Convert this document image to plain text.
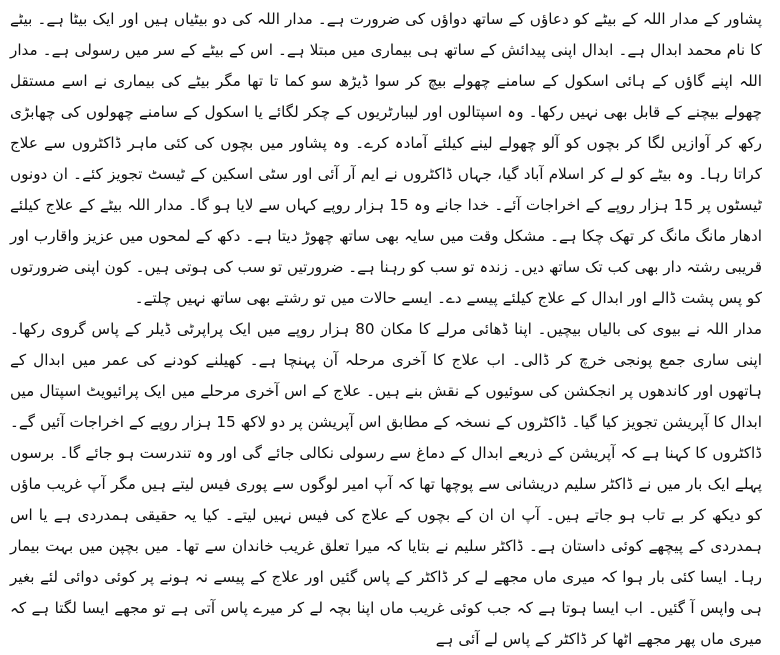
پشاور کے مدار اللہ کے بیٹے کو دعاؤں کے ساتھ دواؤں کی ضرورت ہے۔ مدار اللہ کی دو بیٹیاں ہیں اور ایک بیٹا ہے۔ بیٹے کا نام محمد ابدال ہے۔ ابدال اپنی پیدائش کے ساتھ ہی بیماری میں مبتلا ہے۔ اس کے بیٹے کے سر میں رسولی ہے۔ مدار اللہ اپنے گاؤں کے ہائی اسکول کے سامنے چھولے بیچ کر سوا ڈیڑھ سو کما تا تھا مگر بیٹے کی بیماری نے اسے مستقل چھولے بیچنے کے قابل بھی نہیں رکھا۔ وہ اسپتالوں اور لیبارٹریوں کے چکر لگائے یا اسکول کے سامنے چھولوں کی چھابڑی رکھ کر آوازیں لگا کر بچوں کو آلو چھولے لینے کیلئے آمادہ کرے۔ وہ پشاور میں بچوں کی کئی ماہر ڈاکٹروں سے علاج کراتا رہا۔ وہ بیٹے کو لے کر اسلام آباد گیا، جہاں ڈاکٹروں نے ایم آر آئی اور سٹی اسکین کے ٹیسٹ تجویز کئے۔ ان دونوں ٹیسٹوں پر 15 ہزار روپے کے اخراجات آئے۔ خدا جانے وہ 15 ہزار روپے کہاں سے لایا ہو گا۔ مدار اللہ بیٹے کے علاج کیلئے ادھار مانگ مانگ کر تھک چکا ہے۔ مشکل وقت میں سایہ بھی ساتھ چھوڑ دیتا ہے۔ دکھ کے لمحوں میں عزیز واقارب اور قریبی رشتہ دار بھی کب تک ساتھ دیں۔ زندہ تو سب کو رہنا ہے۔ ضرورتیں تو سب کی ہوتی ہیں۔ کون اپنی ضرورتوں کو پس پشت ڈالے اور ابدال کے علاج کیلئے پیسے دے۔ ایسے حالات میں تو رشتے بھی ساتھ نہیں چلتے۔

مدار اللہ نے بیوی کی بالیاں بیچیں۔ اپنا ڈھائی مرلے کا مکان 80 ہزار روپے میں ایک پراپرٹی ڈیلر کے پاس گروی رکھا۔ اپنی ساری جمع پونجی خرچ کر ڈالی۔ اب علاج کا آخری مرحلہ آن پہنچا ہے۔ کھیلنے کودنے کی عمر میں ابدال کے ہاتھوں اور کاندھوں پر انجکشن کی سوئیوں کے نقش بنے ہیں۔ علاج کے اس آخری مرحلے میں ایک پرائیویٹ اسپتال میں ابدال کا آپریشن تجویز کیا گیا۔ ڈاکٹروں کے نسخہ کے مطابق اس آپریشن پر دو لاکھ 15 ہزار روپے کے اخراجات آئیں گے۔ ڈاکٹروں کا کہنا ہے کہ آپریشن کے ذریعے ابدال کے دماغ سے رسولی نکالی جائے گی اور وہ تندرست ہو جائے گا۔ برسوں پہلے ایک بار میں نے ڈاکٹر سلیم دریشانی سے پوچھا تھا کہ آپ امیر لوگوں سے پوری فیس لیتے ہیں مگر آپ غریب ماؤں کو دیکھ کر بے تاب ہو جاتے ہیں۔ آپ ان ان کے بچوں کے علاج کی فیس نہیں لیتے۔ کیا یہ حقیقی ہمدردی ہے یا اس ہمدردی کے پیچھے کوئی داستان ہے۔ ڈاکٹر سلیم نے بتایا کہ میرا تعلق غریب خاندان سے تھا۔ میں بچپن میں بہت بیمار رہا۔ ایسا کئی بار ہوا کہ میری ماں مجھے لے کر ڈاکٹر کے پاس گئیں اور علاج کے پیسے نہ ہونے پر کوئی دوائی لئے بغیر ہی واپس آ گئیں۔ اب ایسا ہوتا ہے کہ جب کوئی غریب ماں اپنا بچہ لے کر میرے پاس آتی ہے تو مجھے ایسا لگتا ہے کہ میری ماں پھر مجھے اٹھا کر ڈاکٹر کے پاس لے آئی ہے
